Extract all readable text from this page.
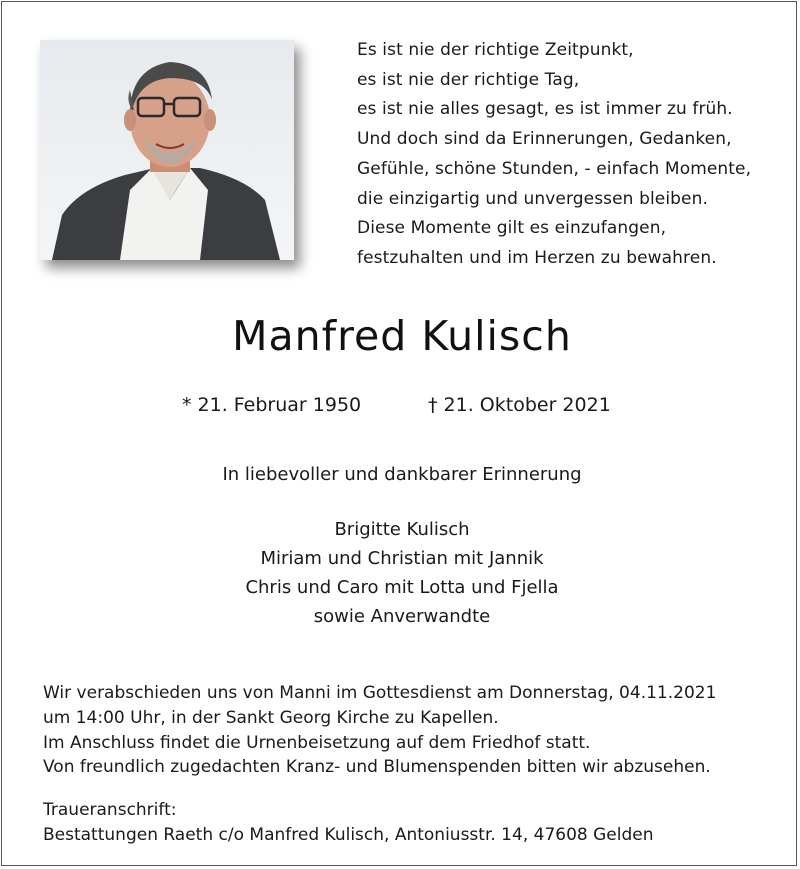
Es ist nie der richtige Zeitpunkt,
es ist nie der richtige Tag,
es ist nie alles gesagt, es ist immer zu früh.
Und doch sind da Erinnerungen, Gedanken,
Gefühle, schöne Stunden, - einfach Momente,
die einzigartig und unvergessen bleiben.
Diese Momente gilt es einzufangen,
festzuhalten und im Herzen zu bewahren.
Manfred Kulisch
* 21. Februar 1950	† 21. Oktober 2021
In liebevoller und dankbarer Erinnerung
Brigitte Kulisch
Miriam und Christian mit Jannik
Chris und Caro mit Lotta und Fjella
sowie Anverwandte
Wir verabschieden uns von Manni im Gottesdienst am Donnerstag, 04.11.2021
um 14:00 Uhr, in der Sankt Georg Kirche zu Kapellen.
Im Anschluss findet die Urnenbeisetzung auf dem Friedhof statt.
Von freundlich zugedachten Kranz- und Blumenspenden bitten wir abzusehen.
Traueranschrift:
Bestattungen Raeth c/o Manfred Kulisch, Antoniusstr. 14, 47608 Gelden
